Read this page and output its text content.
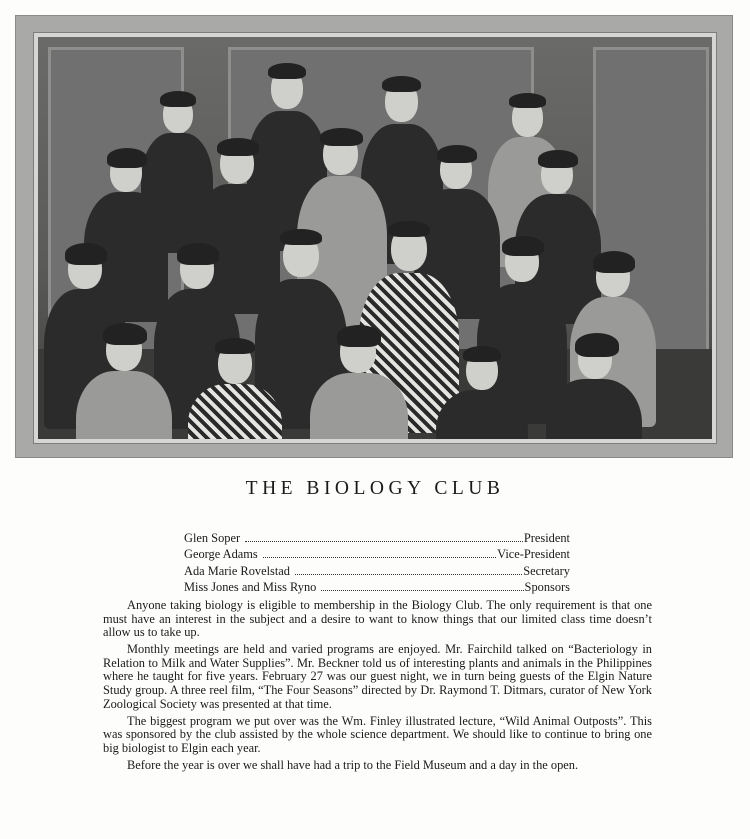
THE BIOLOGY CLUB
Glen Soper	President
George Adams	Vice-President
Ada Marie Rovelstad	Secretary
Miss Jones and Miss Ryno	Sponsors

Anyone taking biology is eligible to membership in the Biology Club. The only requirement is that one must have an interest in the subject and a desire to want to know things that our limited class time doesn’t allow us to take up.

Monthly meetings are held and varied programs are enjoyed. Mr. Fairchild talked on “Bacteriology in Relation to Milk and Water Supplies”. Mr. Beckner told us of interesting plants and animals in the Philippines where he taught for five years. February 27 was our guest night, we in turn being guests of the Elgin Nature Study group. A three reel film, “The Four Seasons” directed by Dr. Raymond T. Ditmars, curator of New York Zoological Society was presented at that time.

The biggest program we put over was the Wm. Finley illustrated lecture, “Wild Animal Outposts”. This was sponsored by the club assisted by the whole science department. We should like to continue to bring one big biologist to Elgin each year.

Before the year is over we shall have had a trip to the Field Museum and a day in the open.
